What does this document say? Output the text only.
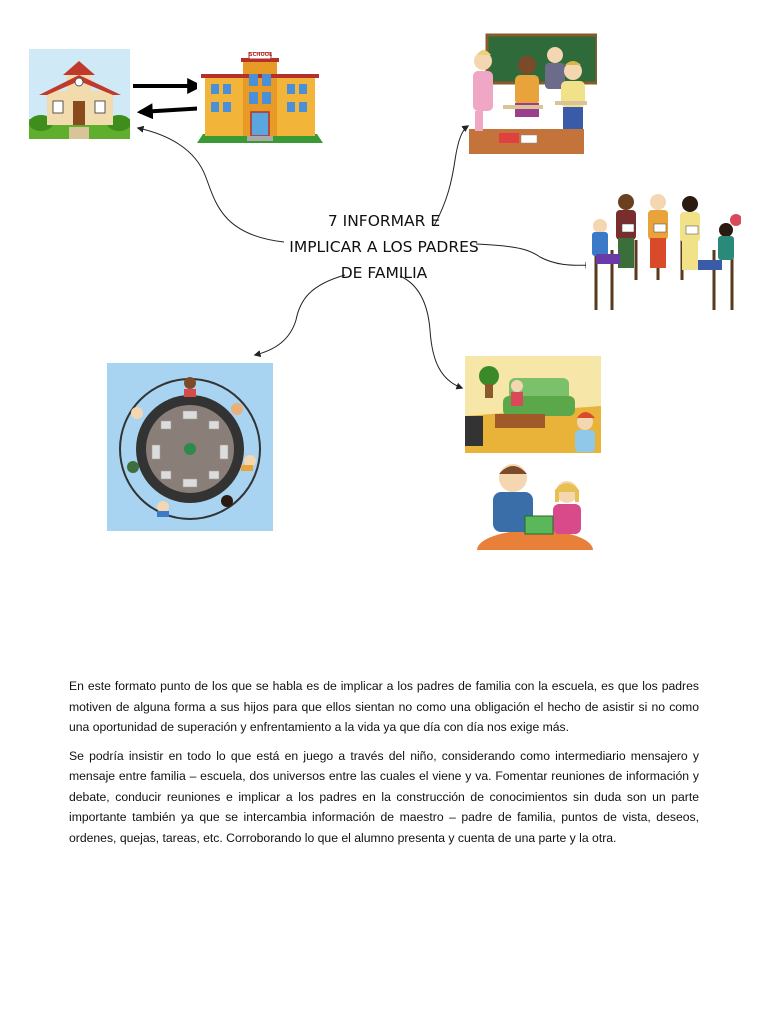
SCHOOL
7 INFORMAR E
IMPLICAR A LOS PADRES
DE FAMILIA

En este formato punto de los que se habla es de implicar a los padres de familia con la escuela, es que los padres motiven de alguna forma a sus hijos para que ellos sientan no como una obligación el hecho de asistir si no como una oportunidad de superación y enfrentamiento a la vida ya que día con día nos exige más.

Se podría insistir en todo lo que está en juego a través del niño, considerando como intermediario mensajero y mensaje entre familia – escuela, dos universos entre las cuales el viene y va. Fomentar reuniones de información y debate, conducir reuniones e implicar a los padres en la construcción de conocimientos sin duda son un parte importante también ya que se intercambia información de maestro – padre de familia, puntos de vista, deseos, ordenes, quejas, tareas, etc. Corroborando lo que el alumno presenta y cuenta de una parte y la otra.
